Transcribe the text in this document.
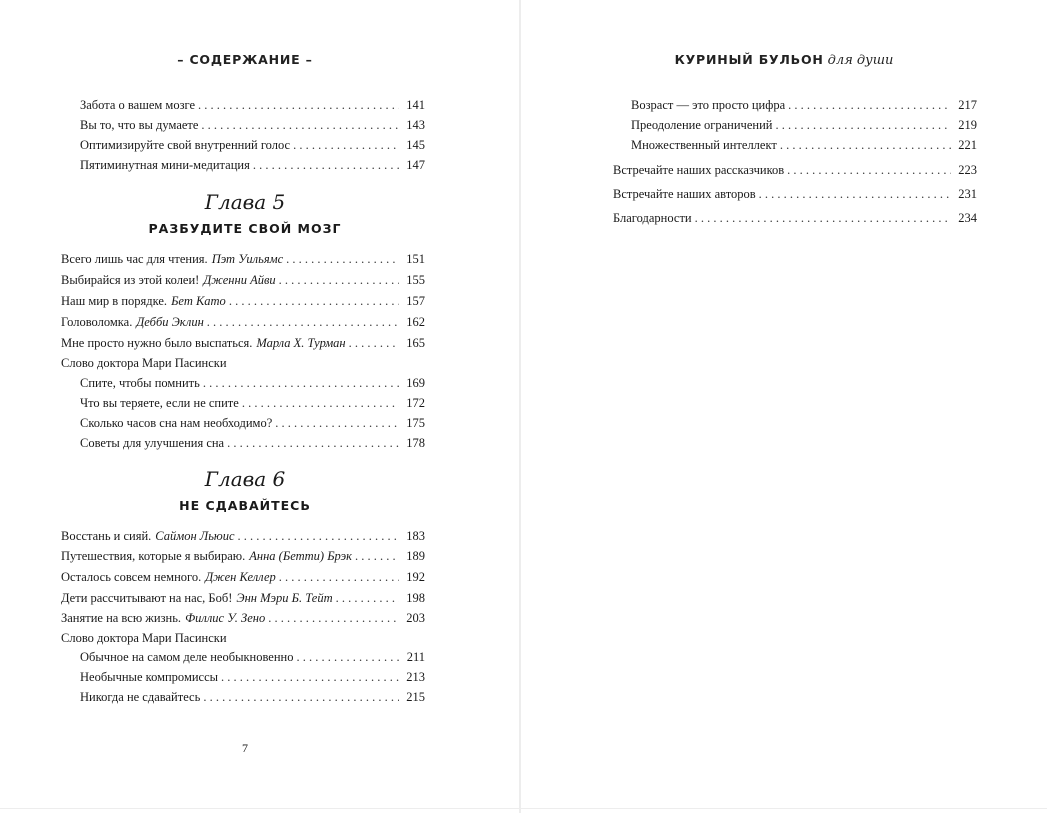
– СОДЕРЖАНИЕ –
Забота о вашем мозге . . .	141
Вы то, что вы думаете . . .	143
Оптимизируйте свой внутренний голос . . .	145
Пятиминутная мини-медитация . . .	147
Глава 5
РАЗБУДИТЕ СВОЙ МОЗГ
Всего лишь час для чтения. Пэт Уильямс . . .	151
Выбирайся из этой колеи! Дженни Айви . . .	155
Наш мир в порядке. Бет Като . . .	157
Головоломка. Дебби Эклин . . .	162
Мне просто нужно было выспаться. Марла Х. Турман . . .	165
Слово доктора Мари Пасински
Спите, чтобы помнить . . .	169
Что вы теряете, если не спите . . .	172
Сколько часов сна нам необходимо? . . .	175
Советы для улучшения сна . . .	178
Глава 6
НЕ СДАВАЙТЕСЬ
Восстань и сияй. Саймон Льюис . . .	183
Путешествия, которые я выбираю. Анна (Бетти) Брэк . . .	189
Осталось совсем немного. Джен Келлер . . .	192
Дети рассчитывают на нас, Боб! Энн Мэри Б. Тейт . . .	198
Занятие на всю жизнь. Филлис У. Зено . . .	203
Слово доктора Мари Пасински
Обычное на самом деле необыкновенно . . .	211
Необычные компромиссы . . .	213
Никогда не сдавайтесь . . .	215
7
КУРИНЫЙ БУЛЬОН для души
Возраст — это просто цифра . . .	217
Преодоление ограничений . . .	219
Множественный интеллект . . .	221
Встречайте наших рассказчиков . . .	223
Встречайте наших авторов . . .	231
Благодарности . . .	234
